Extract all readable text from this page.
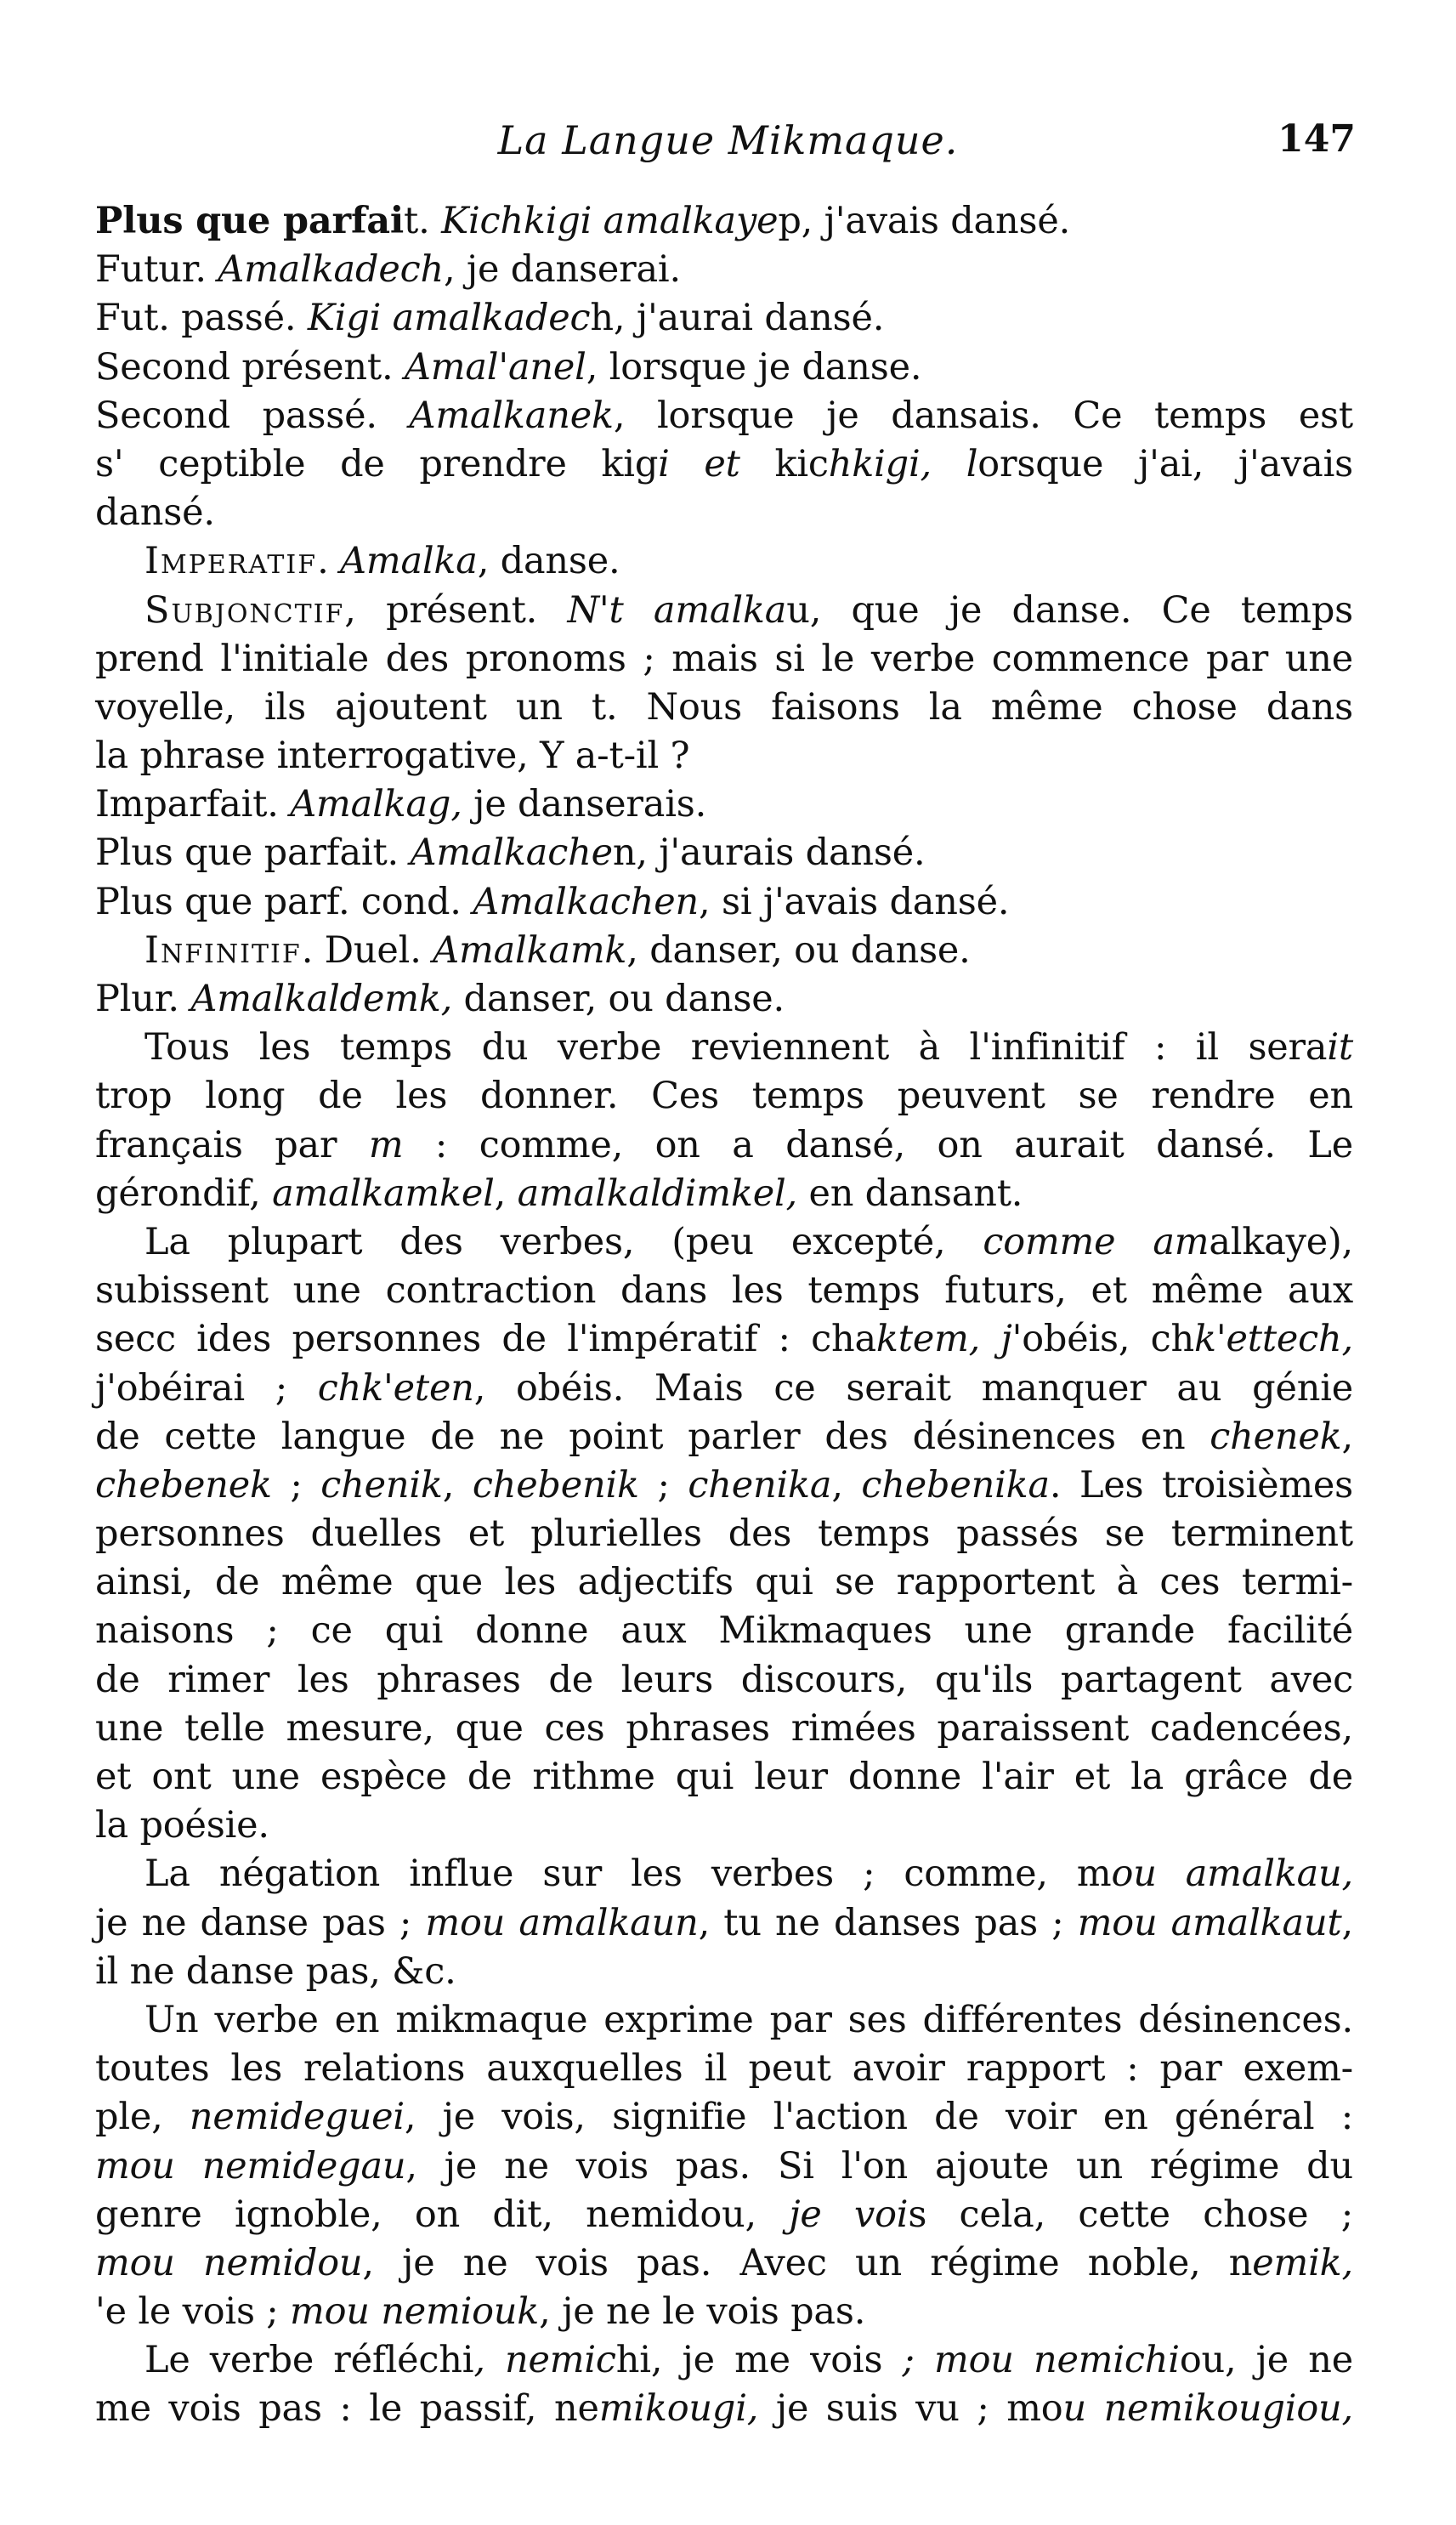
La Langue Mikmaque.	147
Plus que parfait. Kichkigi amalkayep, j'avais dansé.
Futur. Amalkadech, je danserai.
Fut. passé. Kigi amalkadech, j'aurai dansé.
Second présent. Amal'anel, lorsque je danse.
Second passé. Amalkanek, lorsque je dansais. Ce temps est
s' ceptible de prendre kigi et kichkigi, lorsque j'ai, j'avais
dansé.
Imperatif. Amalka, danse.
Subjonctif, présent. N't amalkau, que je danse. Ce temps
prend l'initiale des pronoms ; mais si le verbe commence par une
voyelle, ils ajoutent un t. Nous faisons la même chose dans
la phrase interrogative, Y a-t-il ?
Imparfait. Amalkag, je danserais.
Plus que parfait. Amalkachen, j'aurais dansé.
Plus que parf. cond. Amalkachen, si j'avais dansé.
Infinitif. Duel. Amalkamk, danser, ou danse.
Plur. Amalkaldemk, danser, ou danse.
Tous les temps du verbe reviennent à l'infinitif : il serait
trop long de les donner. Ces temps peuvent se rendre en
français par m : comme, on a dansé, on aurait dansé. Le
gérondif, amalkamkel, amalkaldimkel, en dansant.
La plupart des verbes, (peu excepté, comme amalkaye),
subissent une contraction dans les temps futurs, et même aux
secc ides personnes de l'impératif : chaktem, j'obéis, chk'ettech,
j'obéirai ; chk'eten, obéis. Mais ce serait manquer au génie
de cette langue de ne point parler des désinences en chenek,
chebenek ; chenik, chebenik ; chenika, chebenika. Les troisièmes
personnes duelles et plurielles des temps passés se terminent
ainsi, de même que les adjectifs qui se rapportent à ces termi-
naisons ; ce qui donne aux Mikmaques une grande facilité
de rimer les phrases de leurs discours, qu'ils partagent avec
une telle mesure, que ces phrases rimées paraissent cadencées,
et ont une espèce de rithme qui leur donne l'air et la grâce de
la poésie.
La négation influe sur les verbes ; comme, mou amalkau,
je ne danse pas ; mou amalkaun, tu ne danses pas ; mou amalkaut,
il ne danse pas, &c.
Un verbe en mikmaque exprime par ses différentes désinences.
toutes les relations auxquelles il peut avoir rapport : par exem-
ple, nemideguei, je vois, signifie l'action de voir en général :
mou nemidegau, je ne vois pas. Si l'on ajoute un régime du
genre ignoble, on dit, nemidou, je vois cela, cette chose ;
mou nemidou, je ne vois pas. Avec un régime noble, nemik,
'e le vois ; mou nemiouk, je ne le vois pas.
Le verbe réfléchi, nemichi, je me vois ; mou nemichiou, je ne
me vois pas : le passif, nemikougi, je suis vu ; mou nemikougiou,
